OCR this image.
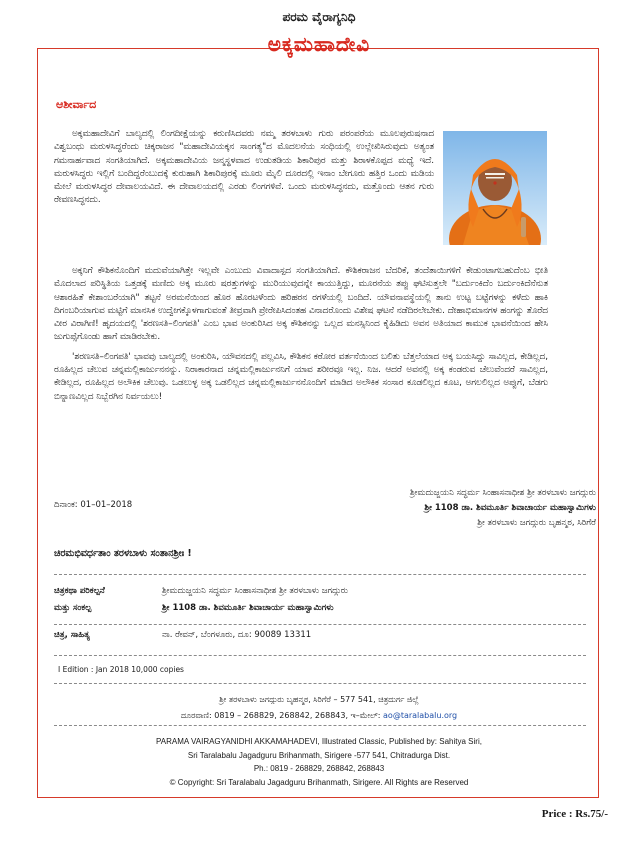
ಪರಮ ವೈರಾಗ್ಯನಿಧಿ
ಅಕ್ಕಮಹಾದೇವಿ
ಆಶೀರ್ವಾದ

ಅಕ್ಕಮಹಾದೇವಿಗೆ ಬಾಲ್ಯದಲ್ಲಿ ಲಿಂಗದೀಕ್ಷೆಯನ್ನು ಕರುಣಿಸಿದವರು ನಮ್ಮ ತರಳಬಾಳು ಗುರು ಪರಂಪರೆಯ ಮೂಲಪುರುಷನಾದ ವಿಶ್ವಬಂಧು ಮರುಳಸಿದ್ಧರೆಂದು ಚಿಕ್ಕರಾಜನ "ಮಹಾದೇವಿಯಕ್ಕನ ಸಾಂಗತ್ಯ"ದ ಮೊದಲನೆಯ ಸಂಧಿಯಲ್ಲಿ ಉಲ್ಲೇಖಿಸಿರುವುದು ಅತ್ಯಂತ ಗಮನಾರ್ಹವಾದ ಸಂಗತಿಯಾಗಿದೆ. ಅಕ್ಕಮಹಾದೇವಿಯ ಜನ್ಮಸ್ಥಳವಾದ ಉಡುತಡಿಯ ಶಿಕಾರಿಪುರ ಮತ್ತು ಶಿರಾಳಕೊಪ್ಪದ ಮಧ್ಯೆ ಇದೆ. ಮರುಳಸಿದ್ಧರು ಇಲ್ಲಿಗೆ ಬಂದಿದ್ದರೆಂಬುದಕ್ಕೆ ಕುರುಹಾಗಿ ಶಿಕಾರಿಪುರಕ್ಕೆ ಮೂರು ಮೈಲಿ ದೂರದಲ್ಲಿ ಇನಾಂ ಬೇಗೂರು ಹತ್ತಿರ ಒಂದು ಮಡಿಯ ಮೇಲೆ ಮರುಳಸಿದ್ಧರ ದೇವಾಲಯವಿದೆ. ಈ ದೇವಾಲಯದಲ್ಲಿ ಎರಡು ಲಿಂಗಗಳಿವೆ. ಒಂದು ಮರುಳಸಿದ್ಧನದು, ಮತ್ತೊಂದು ಆತನ ಗುರು ರೇವಣಸಿದ್ಧನದು.

ಅಕ್ಕನಿಗೆ ಕೌಶಿಕನೊಂದಿಗೆ ಮದುವೆಯಾಗಿತ್ತೇ ಇಲ್ಲವೇ ಎಂಬುದು ವಿವಾದಾಸ್ಪದ ಸಂಗತಿಯಾಗಿದೆ. ಕೌಶಿಕರಾಜನ ಬೆದರಿಕೆ, ತಂದೆತಾಯಿಗಳಿಗೆ ಕೇಡುಂಟಾಗಬಹುದೆಂಬ ಭೀತಿ ಮೊದಲಾದ ಪರಿಸ್ಥಿತಿಯ ಒತ್ತಡಕ್ಕೆ ಮಣಿದು ಅಕ್ಕ ಮೂರು ಷರತ್ತುಗಳನ್ನು ಮುರಿಯುವುದನ್ನೇ ಕಾಯುತ್ತಿದ್ದು, ಮೂರನೆಯ ತಪ್ಪು ಘಟಿಸುತ್ತಲೇ "ಬರ್ದುಂಕಿದೆಂ ಬರ್ದುಂಕಿದೆನೆನುತ ಆಶಾರಹಿತೆ ಕೇಶಾಂಬರೆಯಾಗಿ" ತಟ್ಟನೆ ಅರಮನೆಯಿಂದ ಹೊರ ಹೊರಟಳೆಂದು ಹರಿಹರನ ರಗಳೆಯಲ್ಲಿ ಬಂದಿದೆ. ಯೌವನಾವಸ್ಥೆಯಲ್ಲಿ ತಾನು ಉಟ್ಟ ಬಟ್ಟೆಗಳನ್ನು ಕಳೆದು ಹಾಕಿ ದಿಗಂಬರಿಯಾಗುವ ಮಟ್ಟಿಗೆ ಮಾನಸಿಕ ಉದ್ವೇಗಕ್ಕೊಳಗಾಗುವಂತೆ ತೀವ್ರವಾಗಿ ಪ್ರೇರೇಪಿಸಿದಂತಹ ವಿನಾದರೊಂದು ವಿಶೇಷ ಘಟನೆ ನಡೆದಿರಲೇಬೇಕು. ದೇಹಾಭಿಮಾನಗಳ ಹಂಗನ್ನು ತೊರೆದ ವೀರ ವಿರಾಗಿಣಿ! ಹೃದಯದಲ್ಲಿ 'ಶರಣಸತಿ–ಲಿಂಗಪತಿ' ಎಂಬ ಭಾವ ಅಂಕುರಿಸಿದ ಅಕ್ಕ ಕೌಶಿಕನನ್ನು ಒಲ್ಲದ ಮನಸ್ಸಿನಿಂದ ಕೈಹಿಡಿದು ಅವನ ಅತಿಯಾದ ಕಾಮುಕ ಭಾವನೆಯಿಂದ ಹೇಸಿ ಜುಗುಪ್ಸೆಗೊಂಡು ಹಾಗೆ ಮಾಡಿರಬೇಕು.

'ಶರಣಸತಿ–ಲಿಂಗಪತಿ' ಭಾವವು ಬಾಲ್ಯದಲ್ಲಿ ಅಂಕುರಿಸಿ, ಯೌವನದಲ್ಲಿ ಪಲ್ಲವಿಸಿ, ಕೌಶಿಕನ ಕಠೋರ ವರ್ತನೆಯಿಂದ ಬಲಿತು ಬೆತ್ತಲೆಯಾದ ಅಕ್ಕ ಬಯಸಿದ್ದು ಸಾವಿಲ್ಲದ, ಕೇಡಿಲ್ಲದ, ರೂಹಿಲ್ಲದ ಚೆಲುವ ಚನ್ನಮಲ್ಲಿಕಾರ್ಜುನನನ್ನು. ನಿರಾಕಾರನಾದ ಚನ್ನಮಲ್ಲಿಕಾರ್ಜುನನಿಗೆ ಯಾವ ಶರೀರವೂ ಇಲ್ಲ. ನಿಜ. ಆದರೆ ಅವನಲ್ಲಿ ಅಕ್ಕ ಕಂಡರುವ ಚೆಲುವೆಂದರೆ ಸಾವಿಲ್ಲದ, ಕೇಡಿಲ್ಲದ, ರೂಹಿಲ್ಲದ ಅಲೌಕಿಕ ಚೆಲುವು. ಒಡಲುಳ್ಳ ಅಕ್ಕ ಒಡಲಿಲ್ಲದ ಚನ್ನಮಲ್ಲಿಕಾರ್ಜುನನೊಂದಿಗೆ ಮಾಡಿದ ಅಲೌಕಿಕ ಸಂಸಾರ ಕೂಡಲಿಲ್ಲದ ಕೂಟ, ಅಗಲಲಿಲ್ಲದ ಅಪ್ಪುಗೆ, ಬೆಡಗು ಬಿನ್ನಾಣವಿಲ್ಲದ ನಿಬ್ಬೆರಗಿನ ನಿರ್ವಯಲು!

ದಿನಾಂಕ: 01–01–2018
ಶ್ರೀಮದುಜ್ಜಯನಿ ಸದ್ಧರ್ಮ ಸಿಂಹಾಸನಾಧೀಶ ಶ್ರೀ ತರಳಬಾಳು ಜಗದ್ಗುರು
ಶ್ರೀ 1108 ಡಾ. ಶಿವಮೂರ್ತಿ ಶಿವಾಚಾರ್ಯ ಮಹಾಸ್ವಾಮಿಗಳು
ಶ್ರೀ ತರಳಬಾಳು ಜಗದ್ಗುರು ಬೃಹನ್ಮಠ, ಸಿರಿಗೆರೆ
ಚಿರಮಭಿವರ್ಧತಾಂ ತರಳಬಾಳು ಸಂತಾನಶ್ರೀಃ !
ಚಿತ್ರಕಥಾ ಪರಿಕಲ್ಪನೆ	ಶ್ರೀಮದುಜ್ಜಯನಿ ಸದ್ಧರ್ಮ ಸಿಂಹಾಸನಾಧೀಶ ಶ್ರೀ ತರಳಬಾಳು ಜಗದ್ಗುರು
ಮತ್ತು ಸಂಕಲ್ಪ	ಶ್ರೀ 1108 ಡಾ. ಶಿವಮೂರ್ತಿ ಶಿವಾಚಾರ್ಯ ಮಹಾಸ್ವಾಮಿಗಳು
ಚಿತ್ರ, ಸಾಹಿತ್ಯ	ನಾ. ರೇವನ್, ಬೆಂಗಳೂರು, ದೂ: 90089 13311
I Edition : Jan 2018 10,000 copies
ಶ್ರೀ ತರಳಬಾಳು ಜಗದ್ಗುರು ಬೃಹನ್ಮಠ, ಸಿರಿಗೆರೆ – 577 541, ಚಿತ್ರದುರ್ಗ ಜಿಲ್ಲೆ
ದೂರವಾಣಿ: 0819 – 268829, 268842, 268843, ಇ–ಮೇಲ್: ao@taralabalu.org
PARAMA VAIRAGYANIDHI AKKAMAHADEVI, Illustrated Classic, Published by: Sahitya Siri,
Sri Taralabalu Jagadguru Brihanmath, Sirigere -577 541, Chitradurga Dist.
Ph.: 0819 - 268829, 268842, 268843
© Copyright: Sri Taralabalu Jagadguru Brihanmath, Sirigere. All Rights are Reserved
Price : Rs.75/-
